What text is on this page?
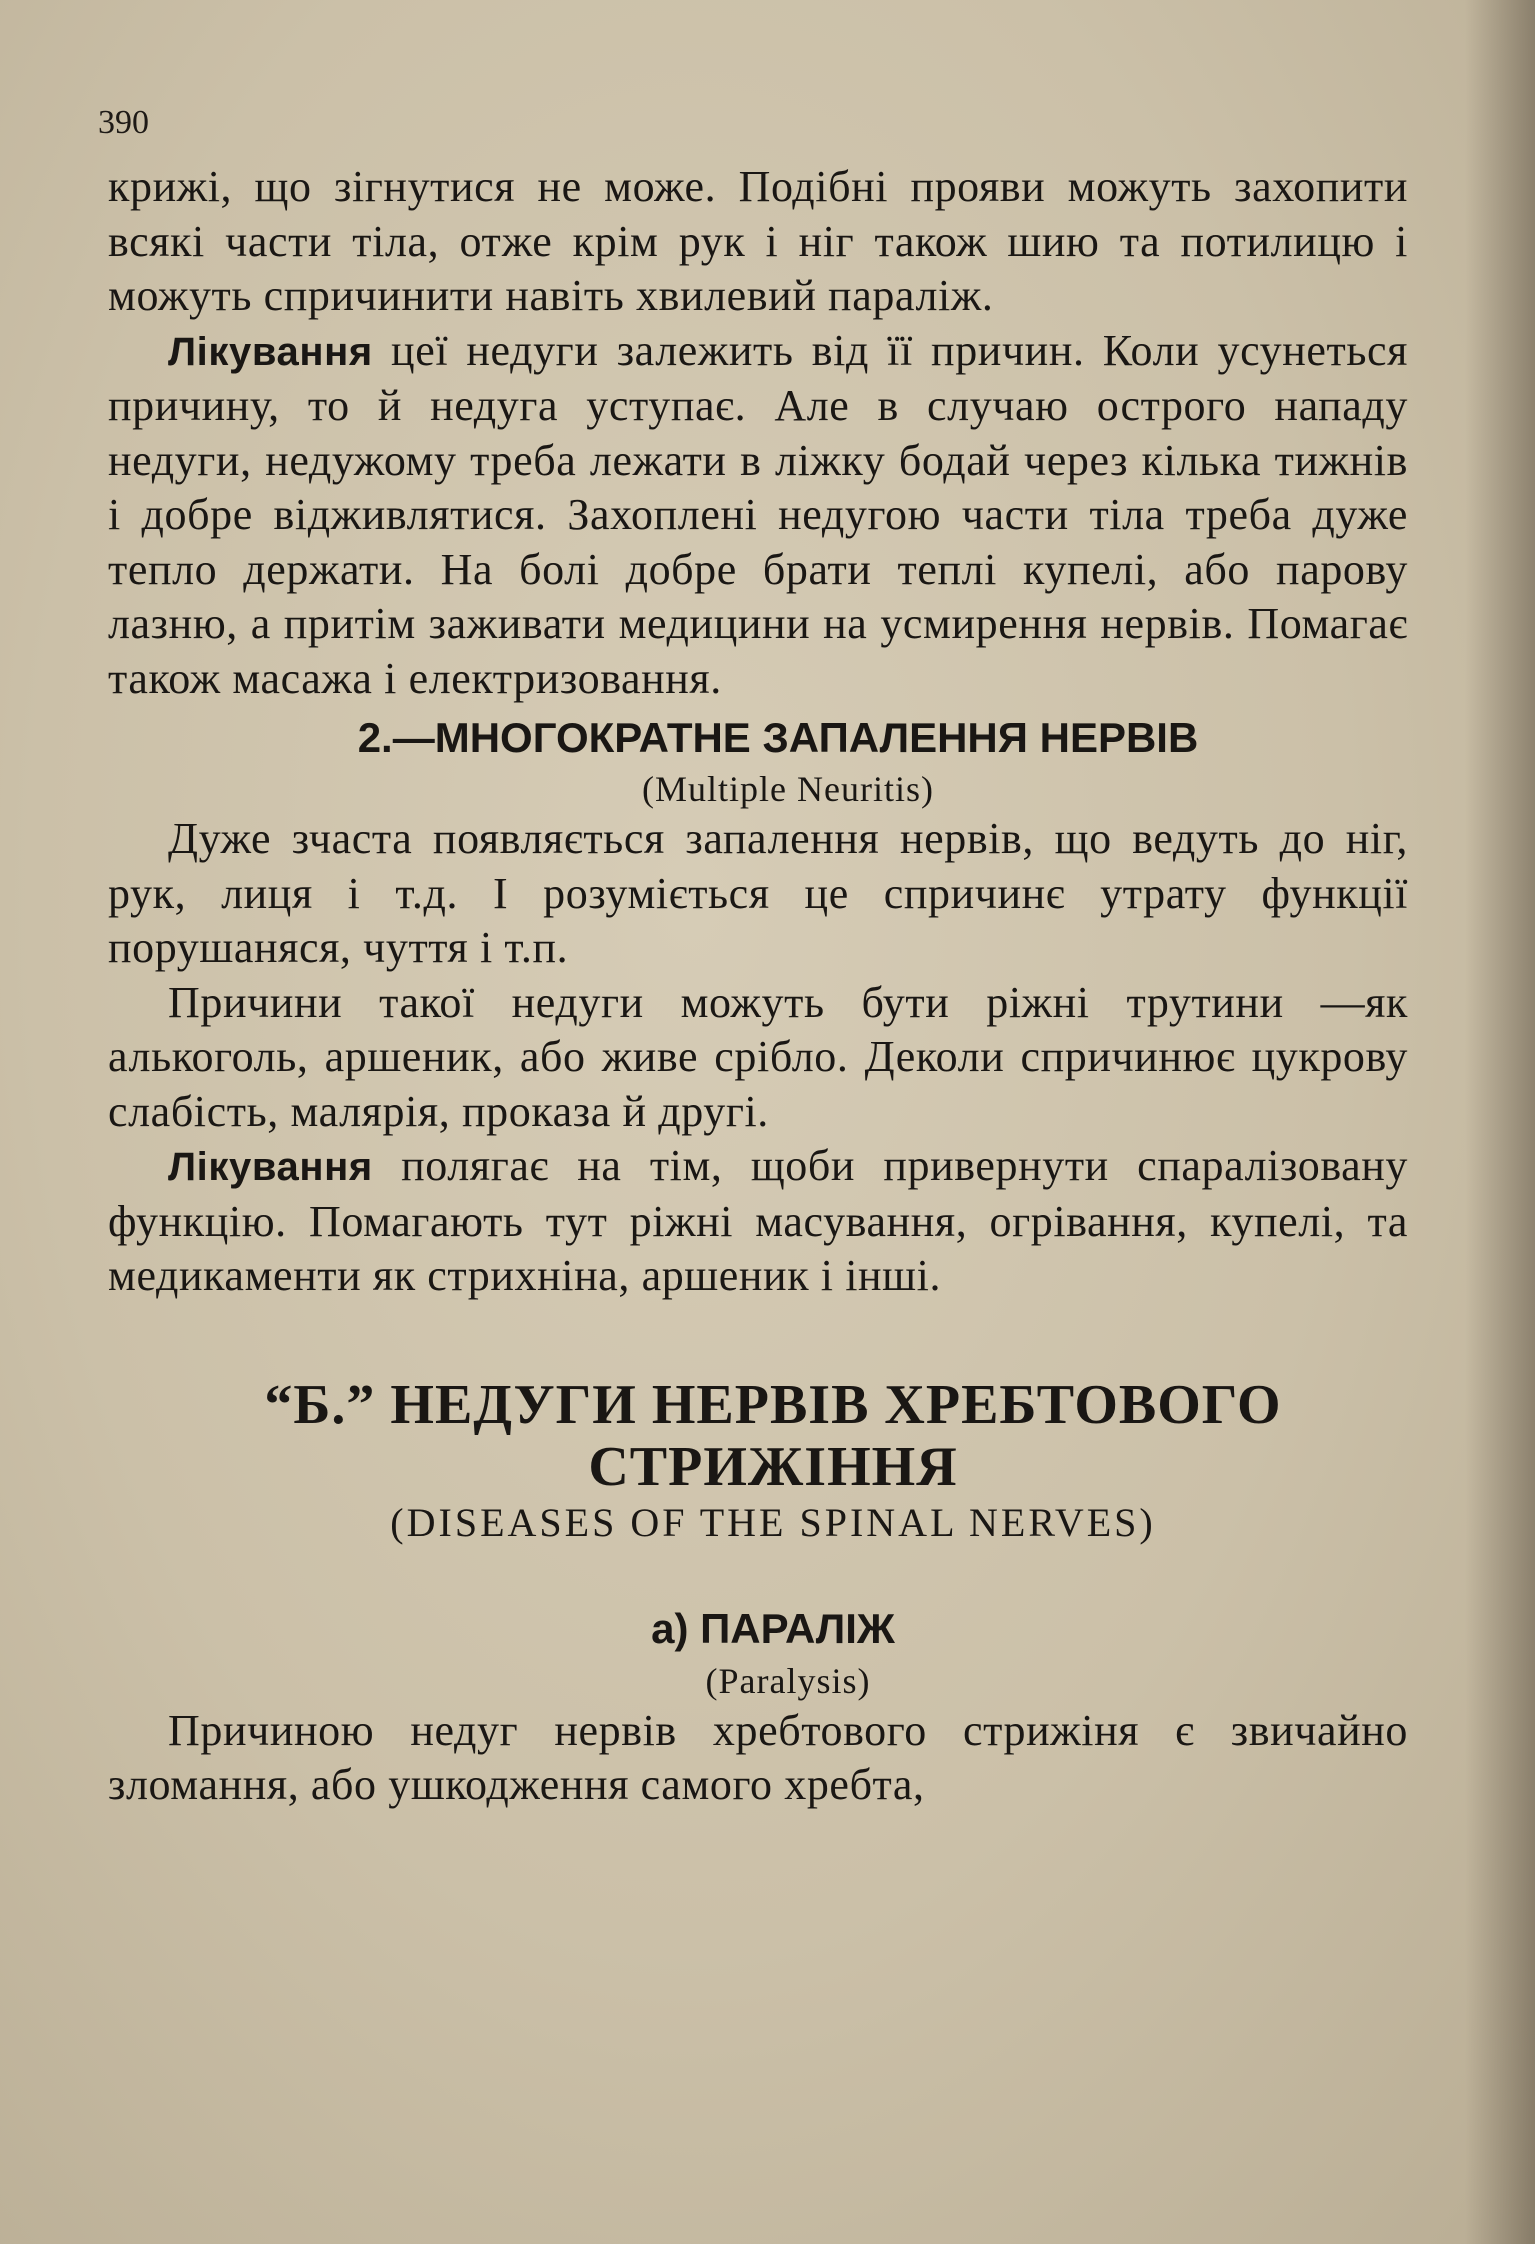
390

крижі, що зігнутися не може. Подібні прояви можуть захопити всякі части тіла, отже крім рук і ніг також шию та потилицю і можуть спричинити навіть хвилевий параліж.

Лікування цеї недуги залежить від її причин. Коли усунеться причину, то й недуга уступає. Але в случаю острого нападу недуги, недужому треба лежати в ліжку бодай через кілька тижнів і добре відживлятися. Захоплені недугою части тіла треба дуже тепло держати. На болі добре брати теплі купелі, або парову лазню, а притім заживати медицини на усмирення нервів. Помагає також масажа і електризовання.

2.—МНОГОКРАТНЕ ЗАПАЛЕННЯ НЕРВІВ

(Multiple Neuritis)

Дуже зчаста появляється запалення нервів, що ведуть до ніг, рук, лиця і т.д. І розуміється це спричинє утрату функції порушаняся, чуття і т.п.

Причини такої недуги можуть бути ріжні трутини —як алькоголь, аршеник, або живе срібло. Деколи спричинює цукрову слабість, малярія, проказа й другі.

Лікування полягає на тім, щоби привернути спаралізовану функцію. Помагають тут ріжні масування, огрівання, купелі, та медикаменти як стрихніна, аршеник і інші.

“Б.” НЕДУГИ НЕРВІВ ХРЕБТОВОГО

СТРИЖІННЯ

(DISEASES OF THE SPINAL NERVES)

а) ПАРАЛІЖ

(Paralysis)

Причиною недуг нервів хребтового стрижіня є звичайно зломання, або ушкодження самого хребта,
